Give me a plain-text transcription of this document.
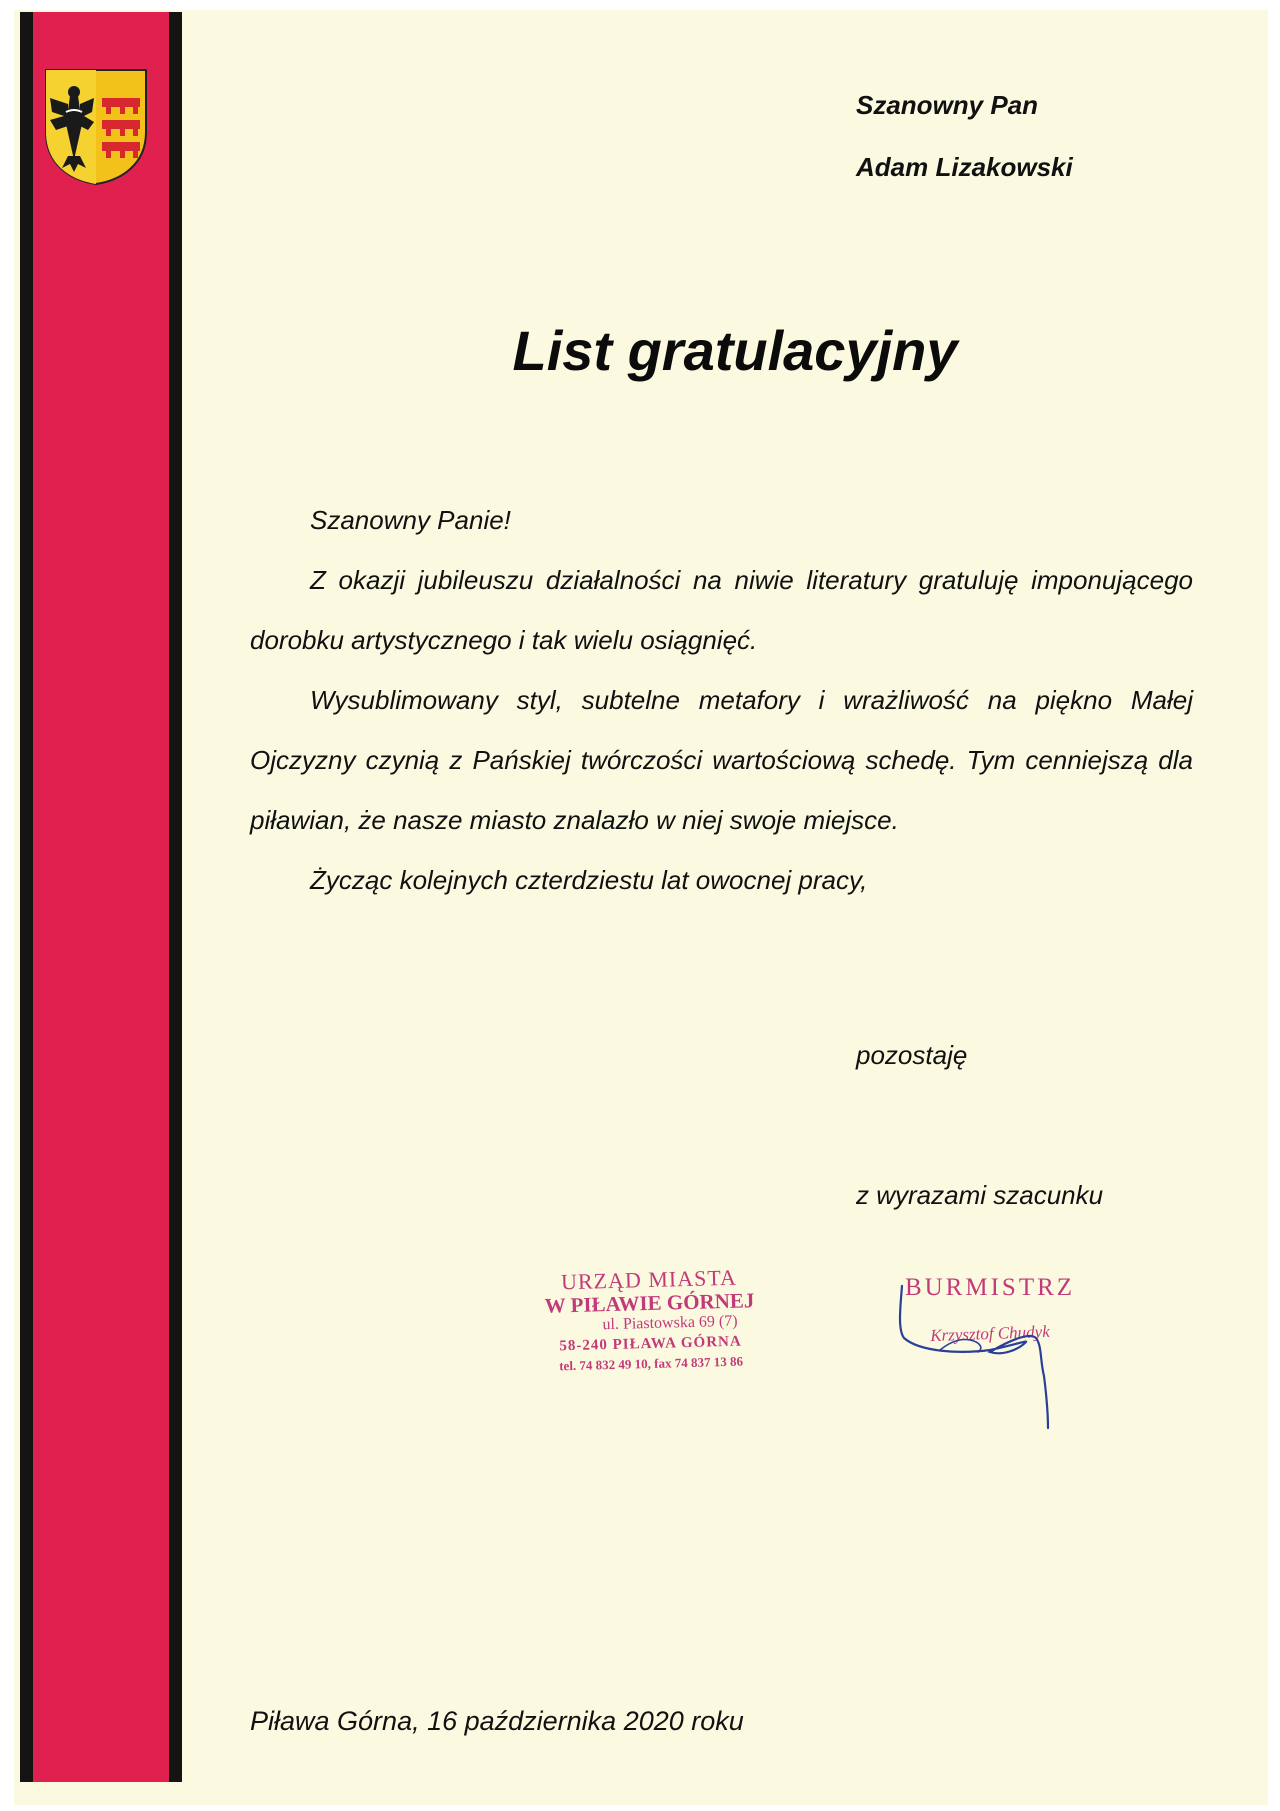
Szanowny Pan
Adam Lizakowski
List gratulacyjny

Szanowny Panie!

Z okazji jubileuszu działalności na niwie literatury gratuluję imponującego dorobku artystycznego i tak wielu osiągnięć.

Wysublimowany styl, subtelne metafory i wrażliwość na piękno Małej Ojczyzny czynią z Pańskiej twórczości wartościową schedę. Tym cenniejszą dla piławian, że nasze miasto znalazło w niej swoje miejsce.

Życząc kolejnych czterdziestu lat owocnej pracy,

pozostaję
z wyrazami szacunku
URZĄD MIASTA
W PIŁAWIE GÓRNEJ
ul. Piastowska 69 (7)
58-240 PIŁAWA GÓRNA
tel. 74 832 49 10, fax 74 837 13 86
BURMISTRZ
Krzysztof Chudyk
Piława Górna, 16 października 2020 roku
